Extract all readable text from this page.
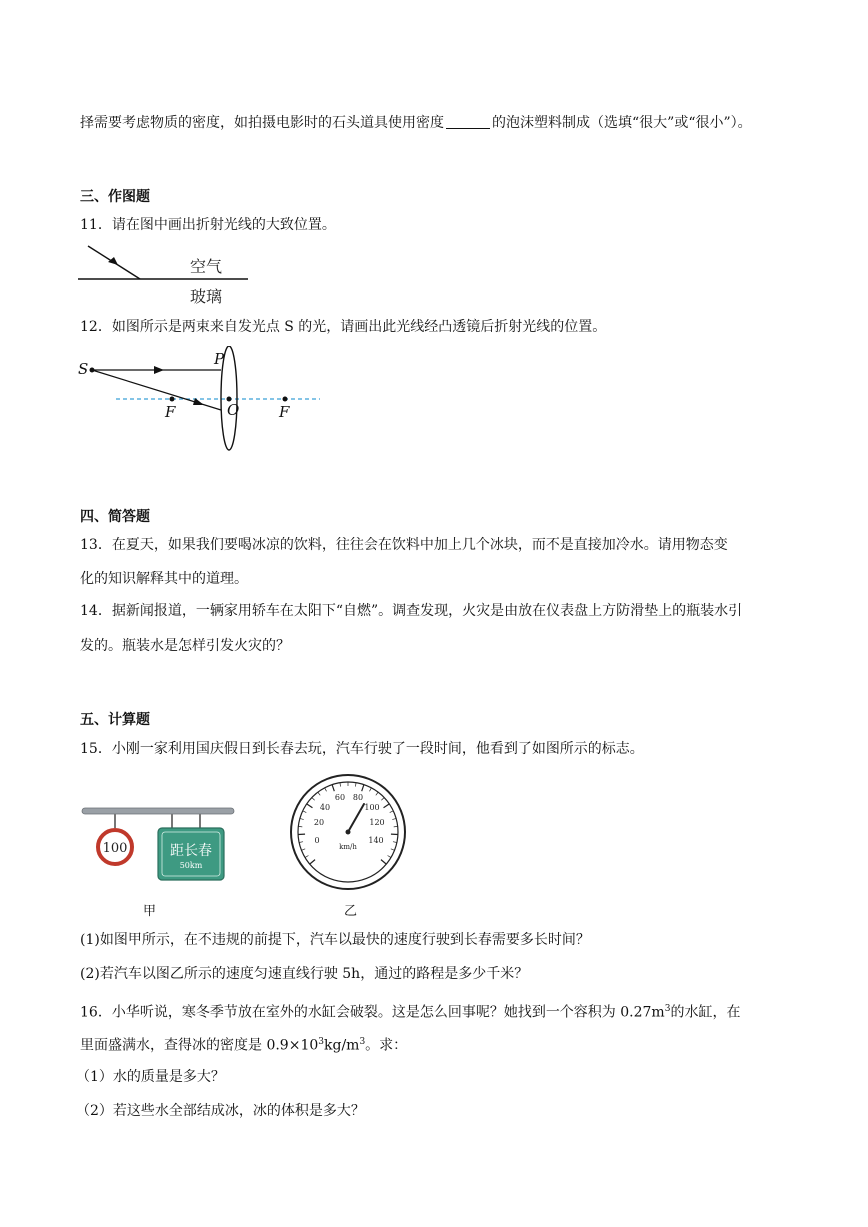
择需要考虑物质的密度，如拍摄电影时的石头道具使用密度	的泡沫塑料制成（选填“很大”或“很小”）。
三、作图题
11．请在图中画出折射光线的大致位置。
空气
玻璃
12．如图所示是两束来自发光点 S 的光，请画出此光线经凸透镜后折射光线的位置。
S
P
F	O	F
四、简答题
13．在夏天，如果我们要喝冰凉的饮料，往往会在饮料中加上几个冰块，而不是直接加冷水。请用物态变
化的知识解释其中的道理。
14．据新闻报道，一辆家用轿车在太阳下“自燃”。调查发现，火灾是由放在仪表盘上方防滑垫上的瓶装水引
发的。瓶装水是怎样引发火灾的？
五、计算题
15．小刚一家利用国庆假日到长春去玩，汽车行驶了一段时间，他看到了如图所示的标志。
100	距长春
50km
甲
0
20
40
60 80
100
120
140
km/h
乙
(1)如图甲所示，在不违规的前提下，汽车以最快的速度行驶到长春需要多长时间？
(2)若汽车以图乙所示的速度匀速直线行驶 5h，通过的路程是多少千米？
16．小华听说，寒冬季节放在室外的水缸会破裂。这是怎么回事呢？她找到一个容积为 $0.27m^3$的水缸，在
里面盛满水，查得冰的密度是 $0.9\times 10^3kg/m^3$。求：
（1）水的质量是多大？
（2）若这些水全部结成冰，冰的体积是多大？
